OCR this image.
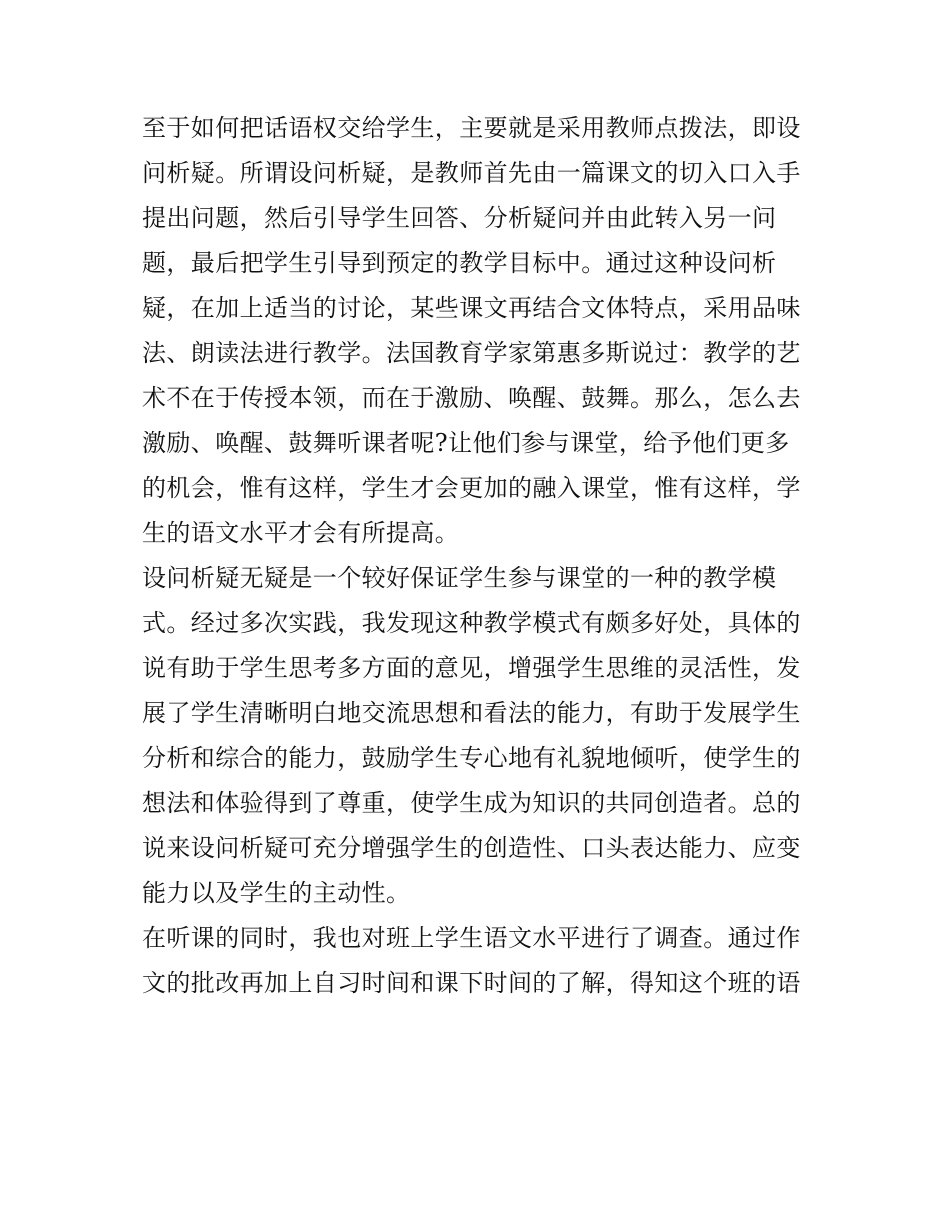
至于如何把话语权交给学生，主要就是采用教师点拨法，即设
问析疑。所谓设问析疑，是教师首先由一篇课文的切入口入手
提出问题，然后引导学生回答、分析疑问并由此转入另一问
题，最后把学生引导到预定的教学目标中。通过这种设问析
疑，在加上适当的讨论，某些课文再结合文体特点，采用品味
法、朗读法进行教学。法国教育学家第惠多斯说过：教学的艺
术不在于传授本领，而在于激励、唤醒、鼓舞。那么，怎么去
激励、唤醒、鼓舞听课者呢?让他们参与课堂，给予他们更多
的机会，惟有这样，学生才会更加的融入课堂，惟有这样，学
生的语文水平才会有所提高。
设问析疑无疑是一个较好保证学生参与课堂的一种的教学模
式。经过多次实践，我发现这种教学模式有颇多好处，具体的
说有助于学生思考多方面的意见，增强学生思维的灵活性，发
展了学生清晰明白地交流思想和看法的能力，有助于发展学生
分析和综合的能力，鼓励学生专心地有礼貌地倾听，使学生的
想法和体验得到了尊重，使学生成为知识的共同创造者。总的
说来设问析疑可充分增强学生的创造性、口头表达能力、应变
能力以及学生的主动性。
在听课的同时，我也对班上学生语文水平进行了调查。通过作
文的批改再加上自习时间和课下时间的了解，得知这个班的语
